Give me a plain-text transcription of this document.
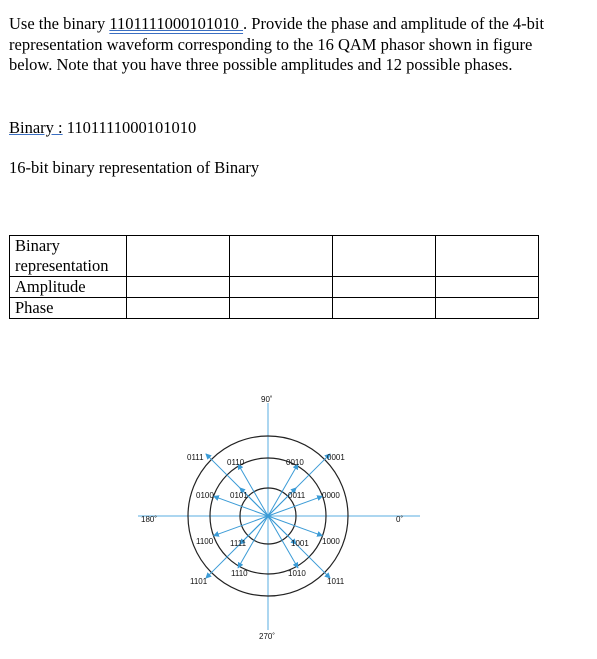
Use the binary 1101111000101010 . Provide the phase and amplitude of the 4-bit representation waveform corresponding to the 16 QAM phasor shown in figure below. Note that you have three possible amplitudes and 12 possible phases.
Binary : 1101111000101010
16-bit binary representation of Binary
Binary representation				
Amplitude				
Phase				
90˚
270˚
180˚	0˚
0111
0110	0010
0001
0100 0101	0011 0000
1100 1111	1001 1000
1101
1110	1010
1011
